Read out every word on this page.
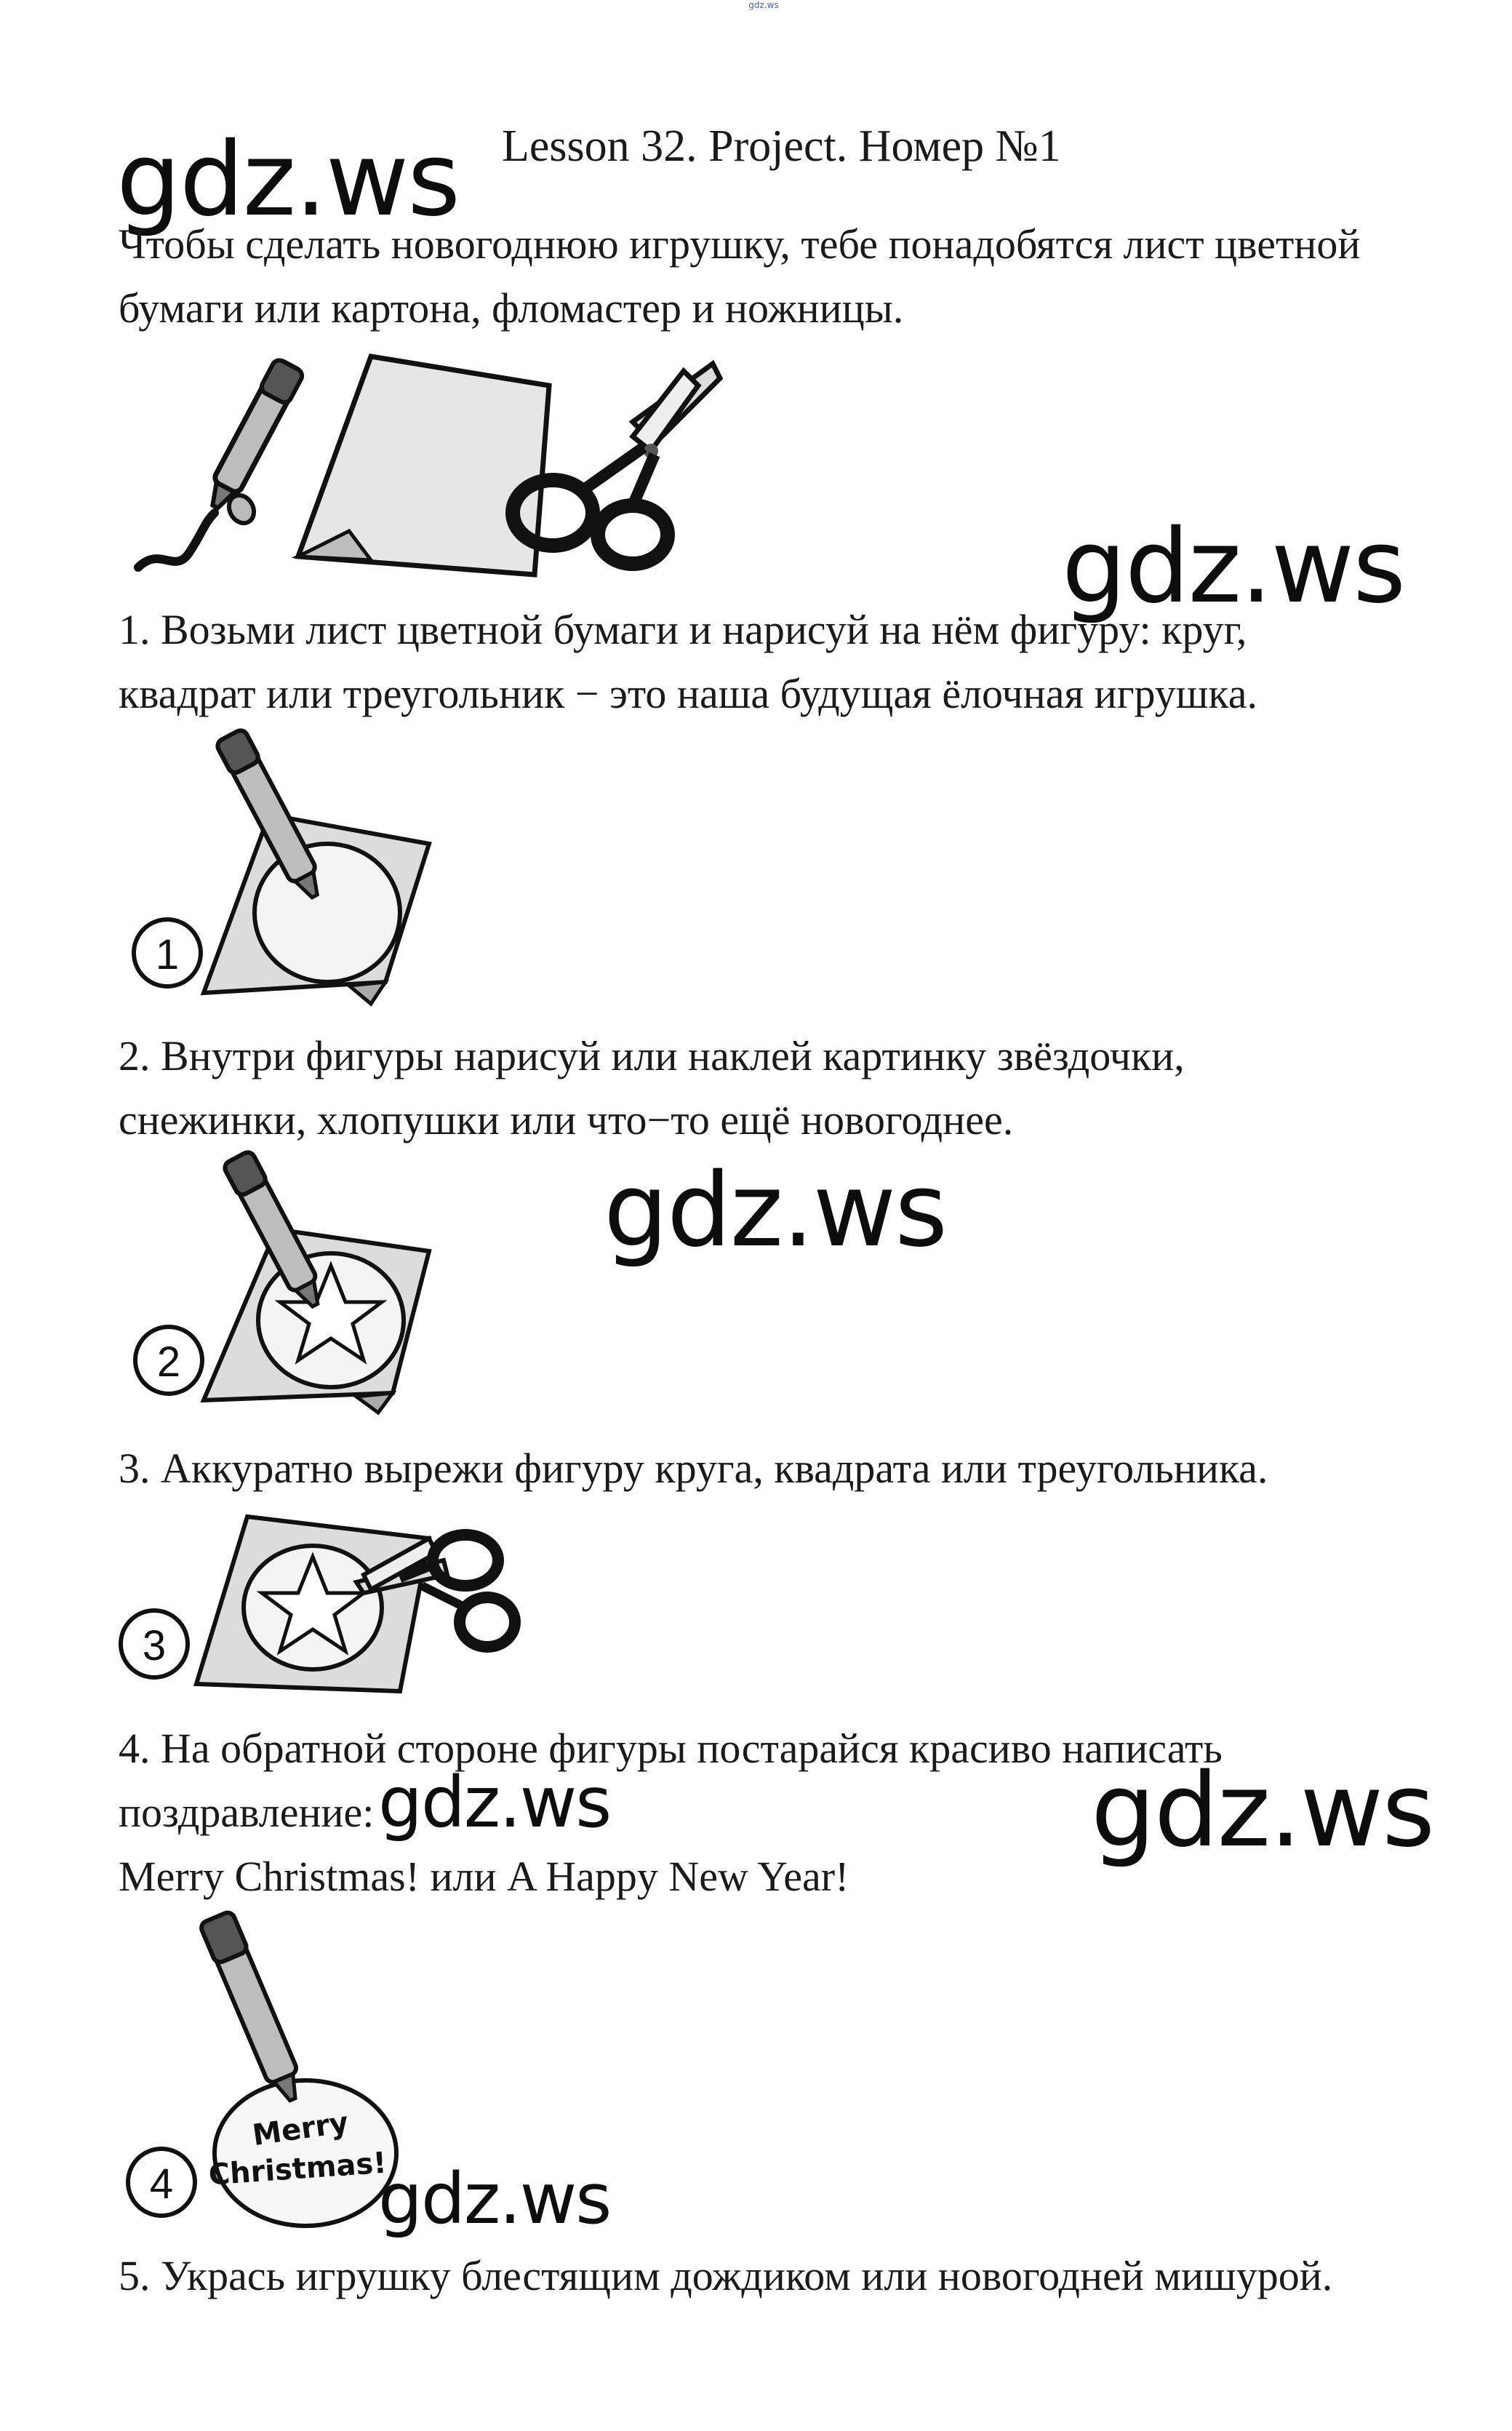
gdz.ws
gdz.ws Lesson 32. Project. Номер №1
Чтобы сделать новогоднюю игрушку, тебе понадобятся лист цветной
бумаги или картона, фломастер и ножницы.
gdz.ws
1. Возьми лист цветной бумаги и нарисуй на нём фигуру: круг,
квадрат или треугольник − это наша будущая ёлочная игрушка.
1
2. Внутри фигуры нарисуй или наклей картинку звёздочки,
снежинки, хлопушки или что−то ещё новогоднее.
gdz.ws
2
3. Аккуратно вырежи фигуру круга, квадрата или треугольника.
3
4. На обратной стороне фигуры постарайся красиво написать
поздравление:
Merry Christmas! или A Happy New Year!
gdz.ws	gdz.ws
Merry
Christmas!
4	gdz.ws
5. Укрась игрушку блестящим дождиком или новогодней мишурой.
